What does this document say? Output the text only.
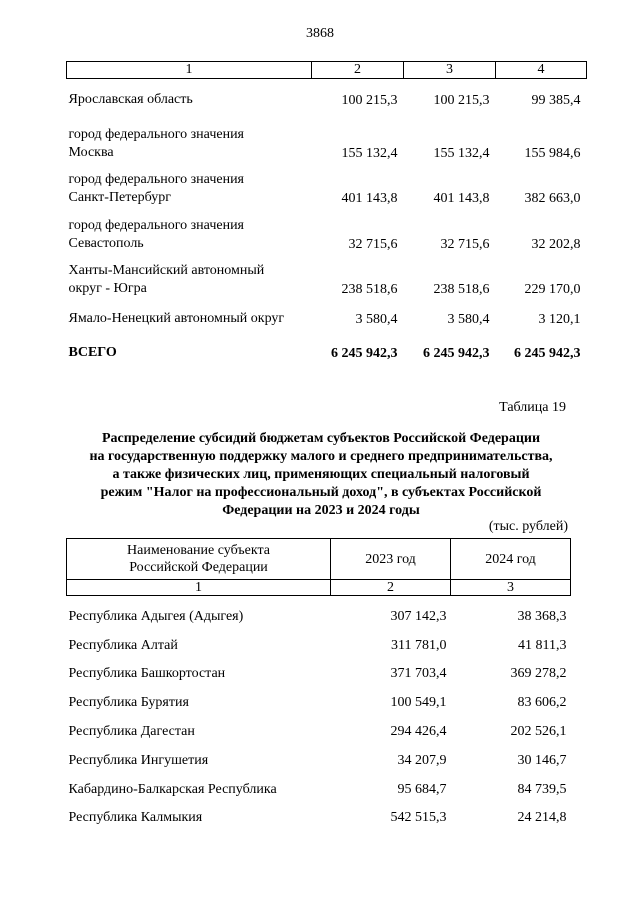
3868
1	2	3	4
Ярославская область	100 215,3	100 215,3	99 385,4
город федерального значения
Москва	155 132,4	155 132,4	155 984,6
город федерального значения
Санкт-Петербург	401 143,8	401 143,8	382 663,0
город федерального значения
Севастополь	32 715,6	32 715,6	32 202,8
Ханты-Мансийский автономный
округ - Югра	238 518,6	238 518,6	229 170,0
Ямало-Ненецкий автономный округ	3 580,4	3 580,4	3 120,1
ВСЕГО	6 245 942,3	6 245 942,3	6 245 942,3
Таблица 19
Распределение субсидий бюджетам субъектов Российской Федерации
на государственную поддержку малого и среднего предпринимательства,
а также физических лиц, применяющих специальный налоговый
режим "Налог на профессиональный доход", в субъектах Российской
Федерации на 2023 и 2024 годы
(тыс. рублей)
Наименование субъекта
Российской Федерации	2023 год	2024 год
1	2	3
Республика Адыгея (Адыгея)	307 142,3	38 368,3
Республика Алтай	311 781,0	41 811,3
Республика Башкортостан	371 703,4	369 278,2
Республика Бурятия	100 549,1	83 606,2
Республика Дагестан	294 426,4	202 526,1
Республика Ингушетия	34 207,9	30 146,7
Кабардино-Балкарская Республика	95 684,7	84 739,5
Республика Калмыкия	542 515,3	24 214,8
